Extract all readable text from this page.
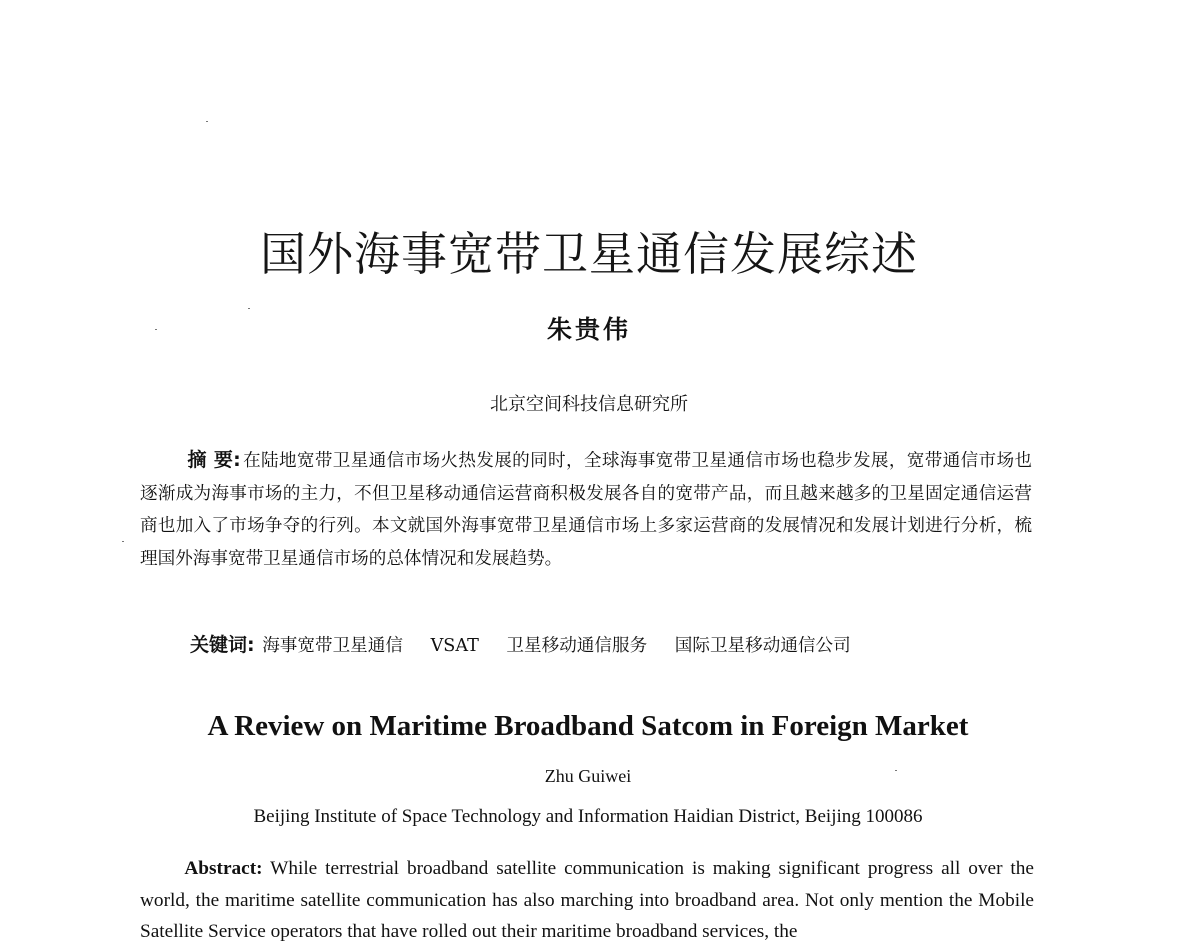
国外海事宽带卫星通信发展综述
朱贵伟
北京空间科技信息研究所
摘 要: 在陆地宽带卫星通信市场火热发展的同时，全球海事宽带卫星通信市场也稳步发展，宽带通信市场也逐渐成为海事市场的主力，不但卫星移动通信运营商积极发展各自的宽带产品，而且越来越多的卫星固定通信运营商也加入了市场争夺的行列。本文就国外海事宽带卫星通信市场上多家运营商的发展情况和发展计划进行分析，梳理国外海事宽带卫星通信市场的总体情况和发展趋势。
关键词: 海事宽带卫星通信 VSAT 卫星移动通信服务 国际卫星移动通信公司
A Review on Maritime Broadband Satcom in Foreign Market
Zhu Guiwei
Beijing Institute of Space Technology and Information Haidian District, Beijing 100086
Abstract: While terrestrial broadband satellite communication is making significant progress all over the world, the maritime satellite communication has also marching into broadband area. Not only mention the Mobile Satellite Service operators that have rolled out their maritime broadband services, the
